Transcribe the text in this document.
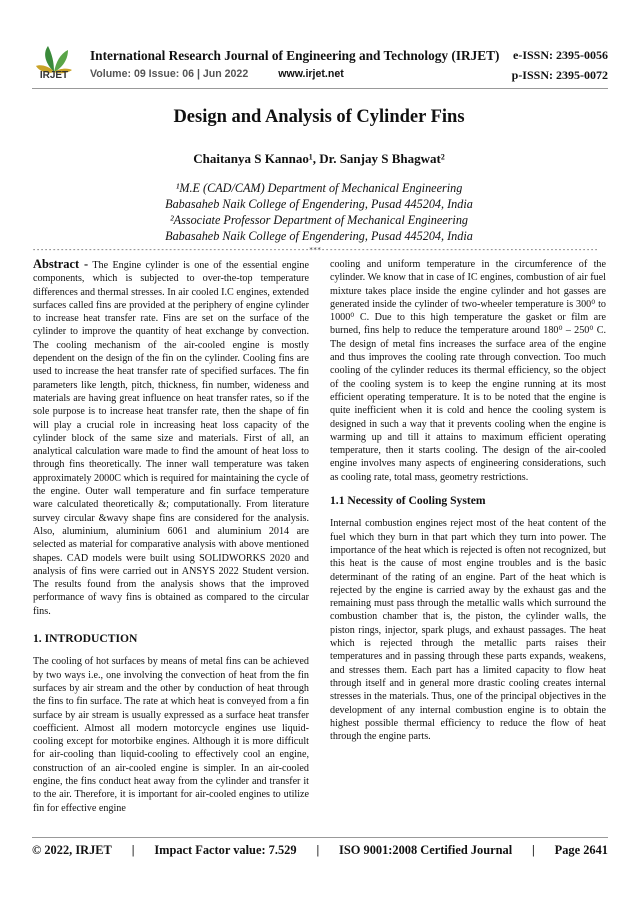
IRJET
International Research Journal of Engineering and Technology (IRJET) e-ISSN: 2395-0056
Volume: 09 Issue: 06 | Jun 2022	www.irjet.net	p-ISSN: 2395-0072
Design and Analysis of Cylinder Fins
Chaitanya S Kannao¹, Dr. Sanjay S Bhagwat²
¹M.E (CAD/CAM) Department of Mechanical Engineering
Babasaheb Naik College of Engendering, Pusad 445204, India
²Associate Professor Department of Mechanical Engineering
Babasaheb Naik College of Engendering, Pusad 445204, India
---------------------------------------------------------------------***---------------------------------------------------------------------

Abstract - The Engine cylinder is one of the essential engine components, which is subjected to over-the-top temperature differences and thermal stresses. In air cooled I.C engines, extended surfaces called fins are provided at the periphery of engine cylinder to increase heat transfer rate. Fins are set on the surface of the cylinder to improve the quantity of heat exchange by convection. The cooling mechanism of the air-cooled engine is mostly dependent on the design of the fin on the cylinder. Cooling fins are used to increase the heat transfer rate of specified surfaces. The fin parameters like length, pitch, thickness, fin number, wideness and materials are having great influence on heat transfer rates, so if the sole purpose is to increase heat transfer rate, then the shape of fin will play a crucial role in increasing heat loss capacity of the cylinder block of the same size and materials. First of all, an analytical calculation ware made to find the amount of heat loss to through fins theoretically. The inner wall temperature was taken approximately 2000C which is required for maintaining the cycle of the engine. Outer wall temperature and fin surface temperature ware calculated theoretically &; computationally. From literature survey circular &wavy shape fins are considered for the analysis. Also, aluminium, aluminium 6061 and aluminium 2014 are selected as material for comparative analysis with above mentioned shapes. CAD models were built using SOLIDWORKS 2020 and analysis of fins were carried out in ANSYS 2022 Student version. The results found from the analysis shows that the improved performance of wavy fins is obtained as compared to the circular fins.

1. INTRODUCTION

The cooling of hot surfaces by means of metal fins can be achieved by two ways i.e., one involving the convection of heat from the fin surfaces by air stream and the other by conduction of heat through the fins to fin surface. The rate at which heat is conveyed from a fin surface by air stream is usually expressed as a surface heat transfer coefficient. Almost all modern motorcycle engines use liquid-cooling except for motorbike engines. Although it is more difficult for air-cooling than liquid-cooling to effectively cool an engine, construction of an air-cooled engine is simpler. In an air-cooled engine, the fins conduct heat away from the cylinder and transfer it to the air. Therefore, it is important for air-cooled engines to utilize fin for effective engine

cooling and uniform temperature in the circumference of the cylinder. We know that in case of IC engines, combustion of air fuel mixture takes place inside the engine cylinder and hot gasses are generated inside the cylinder of two-wheeler temperature is 300⁰ to 1000⁰ C. Due to this high temperature the gasket or film are burned, fins help to reduce the temperature around 180⁰ – 250⁰ C. The design of metal fins increases the surface area of the engine and thus improves the cooling rate through convection. Too much cooling of the cylinder reduces its thermal efficiency, so the object of the cooling system is to keep the engine running at its most efficient operating temperature. It is to be noted that the engine is quite inefficient when it is cold and hence the cooling system is designed in such a way that it prevents cooling when the engine is warming up and till it attains to maximum efficient operating temperature, then it starts cooling. The design of the air-cooled engine involves many aspects of engineering considerations, such as cooling rate, total mass, geometry restrictions.

1.1 Necessity of Cooling System

Internal combustion engines reject most of the heat content of the fuel which they burn in that part which they turn into power. The importance of the heat which is rejected is often not recognized, but this heat is the cause of most engine troubles and is the basic determinant of the rating of an engine. Part of the heat which is rejected by the engine is carried away by the exhaust gas and the remaining must pass through the metallic walls which surround the combustion chamber that is, the piston, the cylinder walls, the piston rings, injector, spark plugs, and exhaust passages. The heat which is rejected through the metallic parts raises their temperatures and in passing through these parts expands, weakens, and stresses them. Each part has a limited capacity to flow heat through itself and in general more drastic cooling creates internal stresses in the materials. Thus, one of the principal objectives in the development of any internal combustion engine is to obtain the highest possible thermal efficiency to reduce the flow of heat through the engine parts.

© 2022, IRJET | Impact Factor value: 7.529 | ISO 9001:2008 Certified Journal | Page 2641
